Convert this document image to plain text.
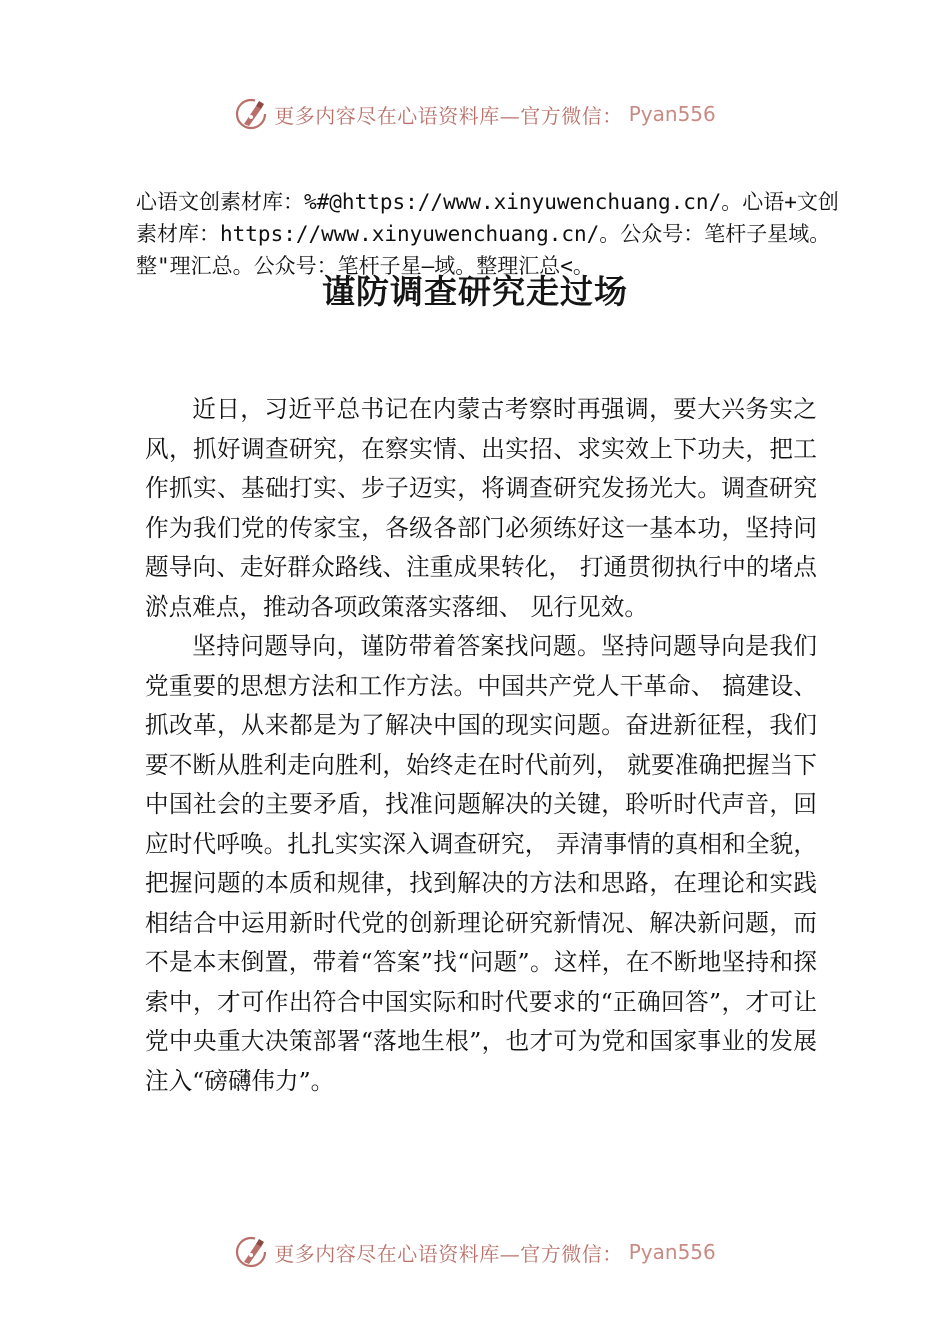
更多内容尽在心语资料库—官方微信： Pyan556
心语文创素材库：%#@https://www.xinyuwenchuang.cn/。心语+文创素材库：https://www.xinyuwenchuang.cn/。公众号：笔杆子星域。整"理汇总。公众号：笔杆子星—域。整理汇总<。
谨防调查研究走过场

近日，习近平总书记在内蒙古考察时再强调，要大兴务实之风，抓好调查研究，在察实情、出实招、求实效上下功夫，把工作抓实、基础打实、步子迈实，将调查研究发扬光大。调查研究作为我们党的传家宝，各级各部门必须练好这一基本功，坚持问题导向、走好群众路线、注重成果转化， 打通贯彻执行中的堵点淤点难点，推动各项政策落实落细、 见行见效。

坚持问题导向，谨防带着答案找问题。坚持问题导向是我们党重要的思想方法和工作方法。中国共产党人干革命、 搞建设、抓改革，从来都是为了解决中国的现实问题。奋进新征程，我们要不断从胜利走向胜利，始终走在时代前列， 就要准确把握当下中国社会的主要矛盾，找准问题解决的关键，聆听时代声音，回应时代呼唤。扎扎实实深入调查研究， 弄清事情的真相和全貌，把握问题的本质和规律，找到解决的方法和思路，在理论和实践相结合中运用新时代党的创新理论研究新情况、解决新问题，而不是本末倒置，带着“答案”找“问题”。这样，在不断地坚持和探索中，才可作出符合中国实际和时代要求的“正确回答”，才可让党中央重大决策部署“落地生根”，也才可为党和国家事业的发展注入“磅礴伟力”。

更多内容尽在心语资料库—官方微信： Pyan556
